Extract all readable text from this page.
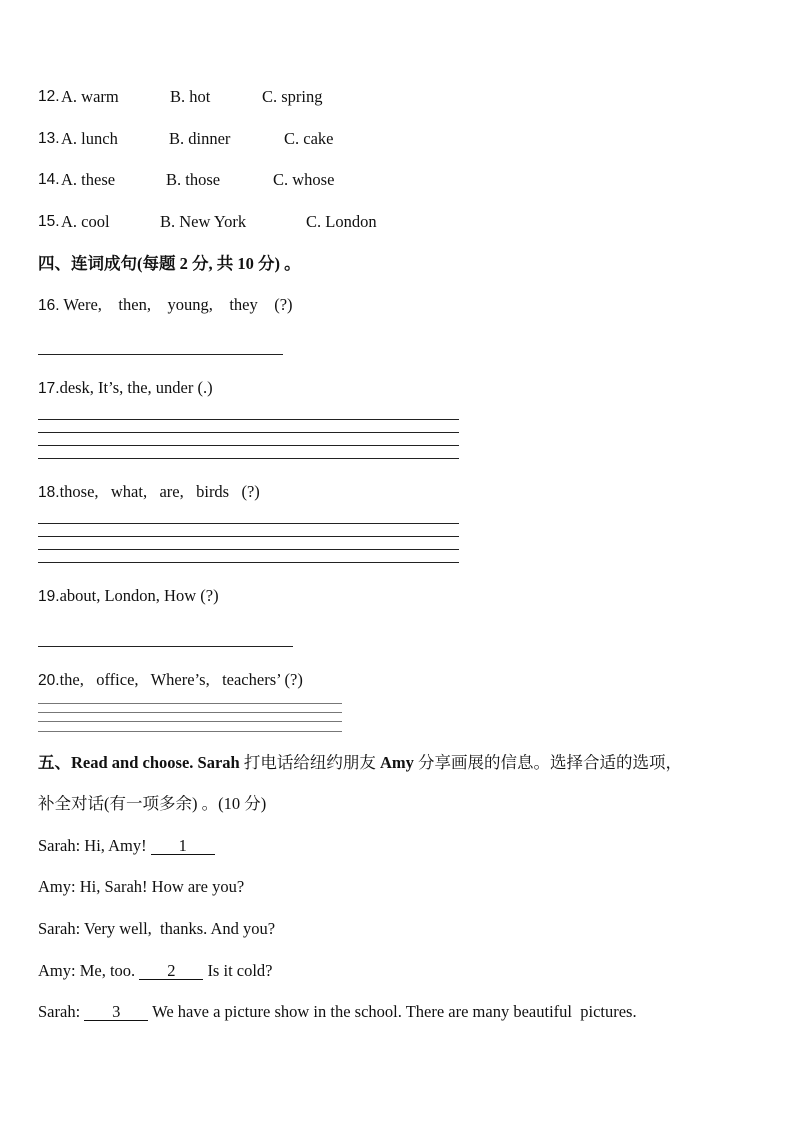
12. A. warm	B. hot	C. spring
13. A. lunch	B. dinner	C. cake
14. A. these	B. those	C. whose
15. A. cool	B. New York	C. London
四、连词成句(每题 2 分, 共 10 分) 。
16. Were,    then,    young,    they    (?)
17.desk, It’s, the, under (.)
18.those,   what,   are,   birds   (?)
19.about, London, How (?)
20.the,   office,   Where’s,   teachers’ (?)
五、Read and choose. Sarah 打电话给纽约朋友 Amy 分享画展的信息。选择合适的选项，
补全对话(有一项多余) 。(10 分)
Sarah: Hi, Amy! 1
Amy: Hi, Sarah! How are you?
Sarah: Very well,  thanks. And you?
Amy: Me, too. 2 Is it cold?
Sarah: 3 We have a picture show in the school. There are many beautiful  pictures.
